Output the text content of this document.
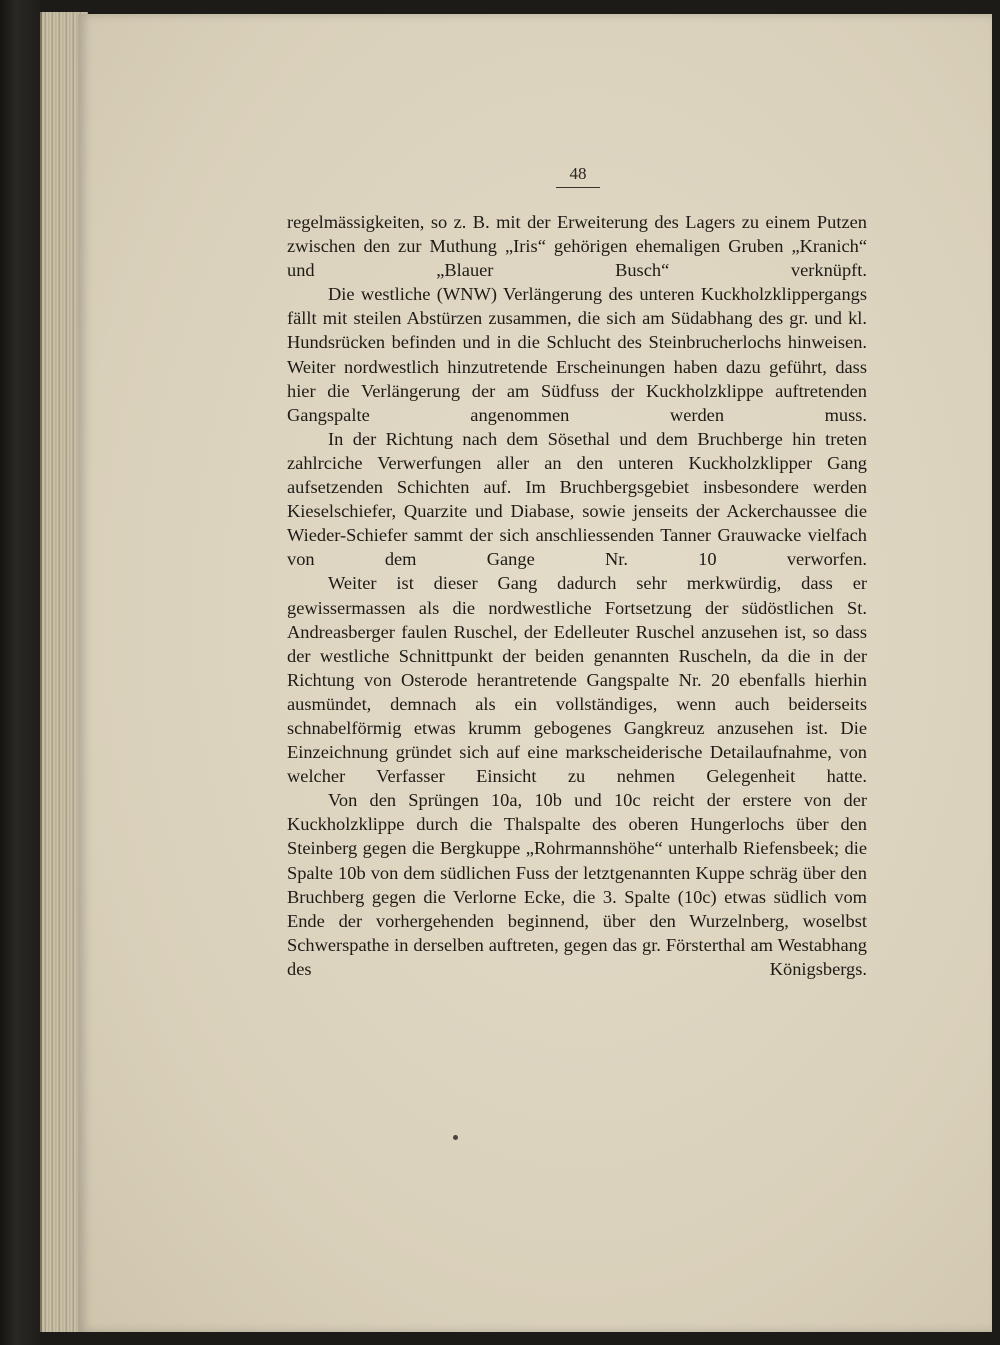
48

regelmässigkeiten, so z. B. mit der Erweiterung des Lagers zu einem Putzen zwischen den zur Muthung „Iris“ gehörigen ehemaligen Gruben „Kranich“ und „Blauer Busch“ verknüpft.

Die westliche (WNW) Verlängerung des unteren Kuckholzklippergangs fällt mit steilen Abstürzen zusammen, die sich am Südabhang des gr. und kl. Hundsrücken befinden und in die Schlucht des Steinbrucherlochs hinweisen. Weiter nordwestlich hinzutretende Erscheinungen haben dazu geführt, dass hier die Verlängerung der am Südfuss der Kuckholzklippe auftretenden Gangspalte angenommen werden muss.

In der Richtung nach dem Sösethal und dem Bruchberge hin treten zahlrciche Verwerfungen aller an den unteren Kuckholzklipper Gang aufsetzenden Schichten auf. Im Bruchbergsgebiet insbesondere werden Kieselschiefer, Quarzite und Diabase, sowie jenseits der Ackerchaussee die Wieder-Schiefer sammt der sich anschliessenden Tanner Grauwacke vielfach von dem Gange Nr. 10 verworfen.

Weiter ist dieser Gang dadurch sehr merkwürdig, dass er gewissermassen als die nordwestliche Fortsetzung der südöstlichen St. Andreasberger faulen Ruschel, der Edelleuter Ruschel anzusehen ist, so dass der westliche Schnittpunkt der beiden genannten Ruscheln, da die in der Richtung von Osterode herantretende Gangspalte Nr. 20 ebenfalls hierhin ausmündet, demnach als ein vollständiges, wenn auch beiderseits schnabelförmig etwas krumm gebogenes Gangkreuz anzusehen ist. Die Einzeichnung gründet sich auf eine markscheiderische Detailaufnahme, von welcher Verfasser Einsicht zu nehmen Gelegenheit hatte.

Von den Sprüngen 10a, 10b und 10c reicht der erstere von der Kuckholzklippe durch die Thalspalte des oberen Hungerlochs über den Steinberg gegen die Bergkuppe „Rohrmannshöhe“ unterhalb Riefensbeek; die Spalte 10b von dem südlichen Fuss der letztgenannten Kuppe schräg über den Bruchberg gegen die Verlorne Ecke, die 3. Spalte (10c) etwas südlich vom Ende der vorhergehenden beginnend, über den Wurzelnberg, woselbst Schwerspathe in derselben auftreten, gegen das gr. Försterthal am Westabhang des Königsbergs.
